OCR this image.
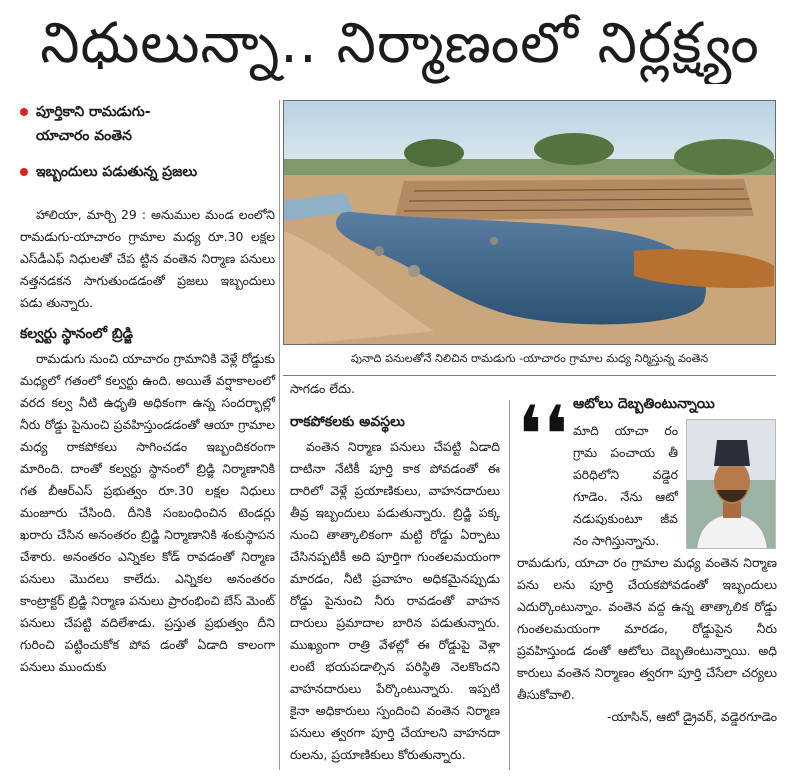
నిధులున్నా.. నిర్మాణంలో నిర్లక్ష్యం
పూర్తికాని రామడుగు-
యాచారం వంతెన
ఇబ్బందులు పడుతున్న ప్రజలు

హాలియా, మార్చి 29 : అనుముల మండ లంలోని రామడుగు-యాచారం గ్రామాల మధ్య రూ.30 లక్షల ఎస్‌డీఎఫ్ నిధులతో చేప ట్టిన వంతెన నిర్మాణ పనులు నత్తనడకన సాగుతుండడంతో ప్రజలు ఇబ్బందులు పడు తున్నారు.

కల్వర్టు స్థానంలో బ్రిడ్జి

రామడుగు నుంచి యాచారం గ్రామానికి వెళ్లే రోడ్డుకు మధ్యలో గతంలో కల్వర్టు ఉంది. అయితే వర్షాకాలంలో వరద కల్వ నీటి ఉధృతి అధికంగా ఉన్న సందర్భాల్లో నీరు రోడ్డు పైనుంచి ప్రవహిస్తుండడంతో ఆయా గ్రామాల మధ్య రాకపోకలు సాగించడం ఇబ్బందికరంగా మారింది. దాంతో కల్వర్టు స్థానంలో బ్రిడ్జి నిర్మాణానికి గత బీఆర్ఎస్ ప్రభుత్వం రూ.30 లక్షల నిధులు మంజూరు చేసింది. దీనికి సంబంధించిన టెండర్లు ఖరారు చేసిన అనంతరం బ్రిడ్జి నిర్మాణానికి శంకుస్థాపన చేశారు. అనంతరం ఎన్నికల కోడ్ రావడంతో నిర్మాణ పనులు మొదలు కాలేదు. ఎన్నికల అనంతరం కాంట్రాక్టర్ బ్రిడ్జి నిర్మాణ పనులు ప్రారంభించి బేస్ మెంట్ పనులు చేపట్టి వదిలేశాడు. ప్రస్తుత ప్రభుత్వం దీని గురించి పట్టించుకోక పోవ డంతో ఏడాది కాలంగా పనులు ముందుకు

పునాది పనులతోనే నిలిచిన రామడుగు -యాచారం గ్రామాల మధ్య నిర్మిస్తున్న వంతెన
సాగడం లేదు.
రాకపోకలకు అవస్థలు

వంతెన నిర్మాణ పనులు చేపట్టి ఏడాది దాటినా నేటికీ పూర్తి కాక పోవడంతో ఈ దారిలో వెళ్లే ప్రయాణికులు, వాహనదారులు తీవ్ర ఇబ్బందులు పడుతున్నారు. బ్రిడ్జి పక్క నుంచి తాత్కాలికంగా మట్టి రోడ్డు ఏర్పాటు చేసినప్పటికీ అది పూర్తిగా గుంతలమయంగా మారడం, నీటి ప్రవాహం అధికమైనప్పుడు రోడ్డు పైనుంచి నీరు రావడంతో వాహన దారులు ప్రమాదాల బారిన పడుతున్నారు. ముఖ్యంగా రాత్రి వేళల్లో ఈ రోడ్డుపై వెళ్లా లంటే భయపడాల్సిన పరిస్థితి నెలకొందని వాహనదారులు పేర్కొంటున్నారు. ఇప్పటి కైనా అధికారులు స్పందించి వంతెన నిర్మాణ పనులు త్వరగా పూర్తి చేయాలని వాహనదా రులను, ప్రయాణికులు కోరుతున్నారు.

❛❛ ఆటోలు దెబ్బతింటున్నాయి
మాది యాచా రం గ్రామ పంచాయ తీ పరిధిలోని వడ్డెర గూడెం. నేను ఆటో నడుపుకుంటూ జీవ నం సాగిస్తున్నాను.
రామడుగు, యాచా రం గ్రామాల మధ్య వంతెన నిర్మాణ పను లను పూర్తి చేయకపోవడంతో ఇబ్బందులు ఎదుర్కొంటున్నాం. వంతెన వద్ద ఉన్న తాత్కాలిక రోడ్డు గుంతలమయంగా మారడం, రోడ్డుపైన నీరు ప్రవహిస్తుండ డంతో ఆటోలు దెబ్బతింటున్నాయి. అధి కారులు వంతెన నిర్మాణం త్వరగా పూర్తి చేసేలా చర్యలు తీసుకోవాలి.
-యాసిన్, ఆటో డ్రైవర్, వడ్డెరగూడెం
